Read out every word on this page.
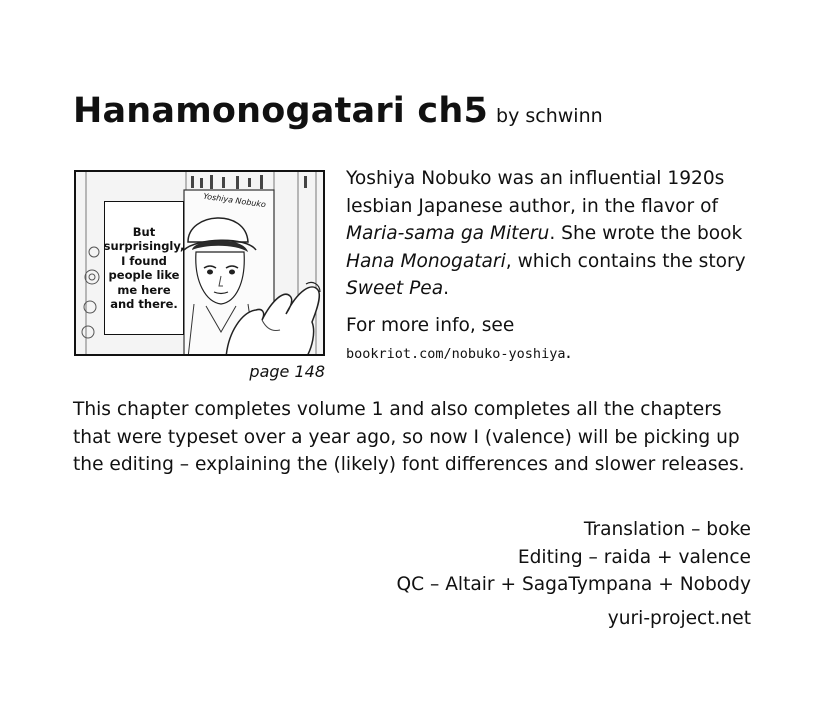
Hanamonogatari ch5 by schwinn
Yoshiya Nobuko
But surprisingly, I found people like me here and there.
page 148

Yoshiya Nobuko was an influential 1920s lesbian Japanese author, in the flavor of Maria-sama ga Miteru. She wrote the book Hana Monogatari, which contains the story Sweet Pea.

For more info, see
bookriot.com/nobuko-yoshiya.

This chapter completes volume 1 and also completes all the chapters that were typeset over a year ago, so now I (valence) will be picking up the editing – explaining the (likely) font differences and slower releases.
Translation – boke
Editing – raida + valence
QC – Altair + SagaTympana + Nobody
yuri-project.net
